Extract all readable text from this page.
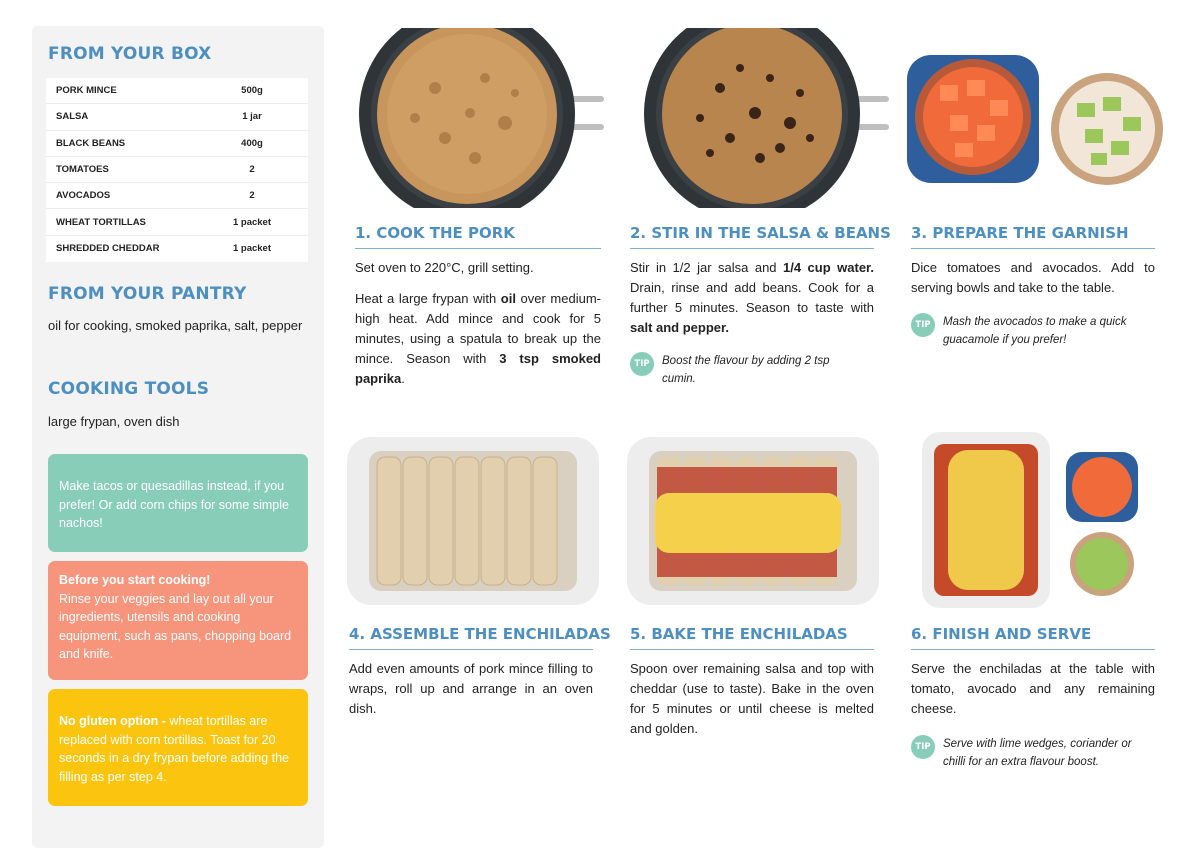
FROM YOUR BOX
PORK MINCE	500g
SALSA	1 jar
BLACK BEANS	400g
TOMATOES	2
AVOCADOS	2
WHEAT TORTILLAS	1 packet
SHREDDED CHEDDAR	1 packet
FROM YOUR PANTRY
oil for cooking, smoked paprika, salt, pepper
COOKING TOOLS
large frypan, oven dish
Make tacos or quesadillas instead, if you prefer! Or add corn chips for some simple nachos!
Before you start cooking!
Rinse your veggies and lay out all your ingredients, utensils and cooking equipment, such as pans, chopping board and knife.
No gluten option - wheat tortillas are replaced with corn tortillas. Toast for 20 seconds in a dry frypan before adding the filling as per step 4.
1. COOK THE PORK

Set oven to 220°C, grill setting.

Heat a large frypan with oil over medium-high heat. Add mince and cook for 5 minutes, using a spatula to break up the mince. Season with 3 tsp smoked paprika.

2. STIR IN THE SALSA & BEANS

Stir in 1/2 jar salsa and 1/4 cup water. Drain, rinse and add beans. Cook for a further 5 minutes. Season to taste with salt and pepper.

TIP	Boost the flavour by adding 2 tsp cumin.
3. PREPARE THE GARNISH

Dice tomatoes and avocados. Add to serving bowls and take to the table.

TIP	Mash the avocados to make a quick guacamole if you prefer!
4. ASSEMBLE THE ENCHILADAS

Add even amounts of pork mince filling to wraps, roll up and arrange in an oven dish.

5. BAKE THE ENCHILADAS

Spoon over remaining salsa and top with cheddar (use to taste). Bake in the oven for 5 minutes or until cheese is melted and golden.

6. FINISH AND SERVE

Serve the enchiladas at the table with tomato, avocado and any remaining cheese.

TIP	Serve with lime wedges, coriander or chilli for an extra flavour boost.
